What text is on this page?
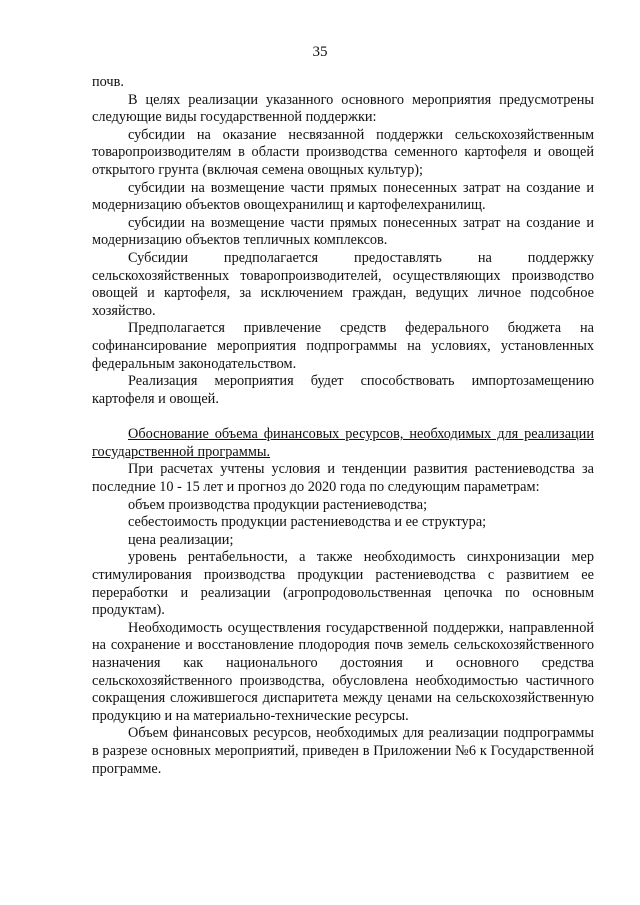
35

почв.

В целях реализации указанного основного мероприятия предусмотрены следующие виды государственной поддержки:

субсидии на оказание несвязанной поддержки сельскохозяйственным товаропроизводителям в области производства семенного картофеля и овощей открытого грунта (включая семена овощных культур);

субсидии на возмещение части прямых понесенных затрат на создание и модернизацию объектов овощехранилищ и картофелехранилищ.

субсидии на возмещение части прямых понесенных затрат на создание и модернизацию объектов тепличных комплексов.

Субсидии предполагается предоставлять на поддержку сельскохозяйственных товаропроизводителей, осуществляющих производство овощей и картофеля, за исключением граждан, ведущих личное подсобное хозяйство.

Предполагается привлечение средств федерального бюджета на софинансирование мероприятия подпрограммы на условиях, установленных федеральным законодательством.

Реализация мероприятия будет способствовать импортозамещению картофеля и овощей.

Обоснование объема финансовых ресурсов, необходимых для реализации государственной программы.

При расчетах учтены условия и тенденции развития растениеводства за последние 10 - 15 лет и прогноз до 2020 года по следующим параметрам:

объем производства продукции растениеводства;

себестоимость продукции растениеводства и ее структура;

цена реализации;

уровень рентабельности, а также необходимость синхронизации мер стимулирования производства продукции растениеводства с развитием ее переработки и реализации (агропродовольственная цепочка по основным продуктам).

Необходимость осуществления государственной поддержки, направленной на сохранение и восстановление плодородия почв земель сельскохозяйственного назначения как национального достояния и основного средства сельскохозяйственного производства, обусловлена необходимостью частичного сокращения сложившегося диспаритета между ценами на сельскохозяйственную продукцию и на материально-технические ресурсы.

Объем финансовых ресурсов, необходимых для реализации подпрограммы в разрезе основных мероприятий, приведен в Приложении №6 к Государственной программе.
